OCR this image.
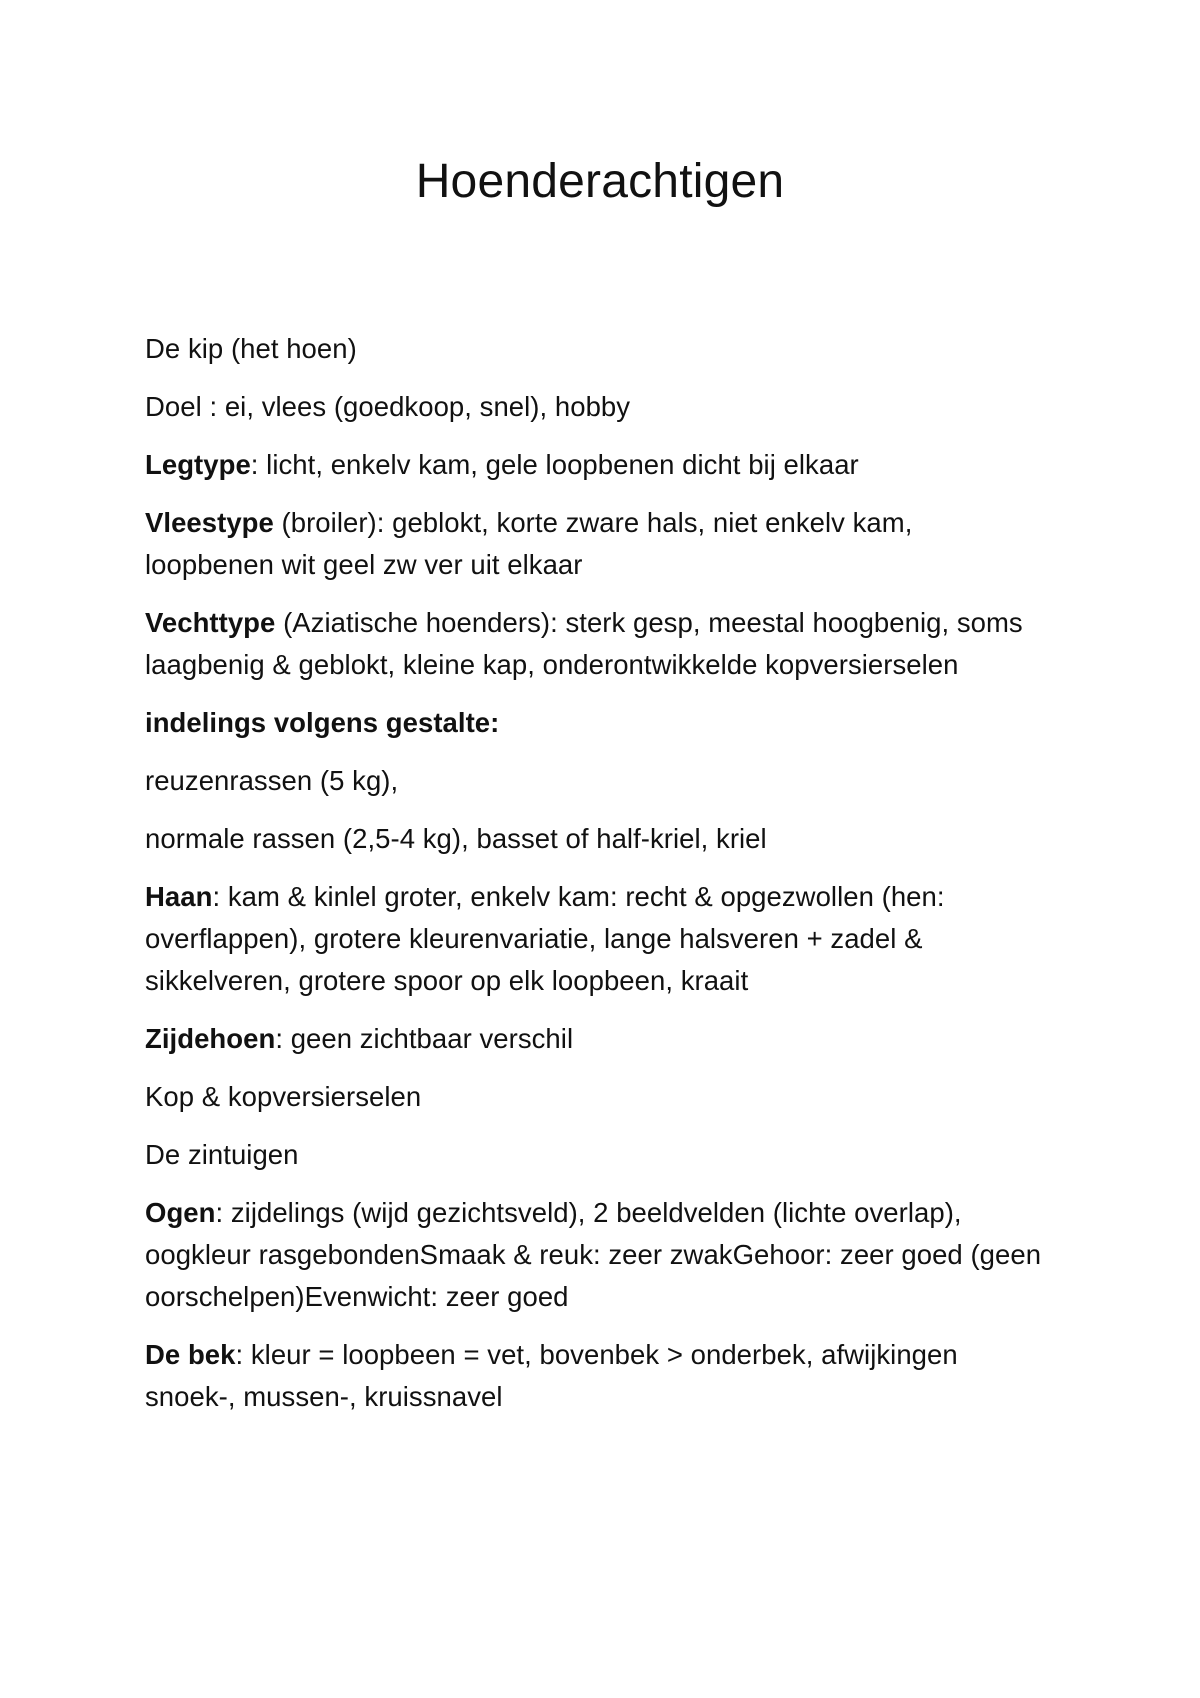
Hoenderachtigen

De kip (het hoen)

Doel : ei, vlees (goedkoop, snel), hobby

Legtype: licht, enkelv kam, gele loopbenen dicht bij elkaar

Vleestype (broiler): geblokt, korte zware hals, niet enkelv kam, loopbenen wit geel zw ver uit elkaar

Vechttype (Aziatische hoenders): sterk gesp, meestal hoogbenig, soms laagbenig & geblokt, kleine kap, onderontwikkelde kopversierselen

indelings volgens gestalte:

reuzenrassen (5 kg),

normale rassen (2,5-4 kg), basset of half-kriel, kriel

Haan: kam & kinlel groter, enkelv kam: recht & opgezwollen (hen: overflappen), grotere kleurenvariatie, lange halsveren + zadel & sikkelveren, grotere spoor op elk loopbeen, kraait

Zijdehoen: geen zichtbaar verschil

Kop & kopversierselen

De zintuigen

Ogen: zijdelings (wijd gezichtsveld), 2 beeldvelden (lichte overlap), oogkleur rasgebondenSmaak & reuk: zeer zwakGehoor: zeer goed (geen oorschelpen)Evenwicht: zeer goed

De bek: kleur = loopbeen = vet, bovenbek > onderbek, afwijkingen snoek-, mussen-, kruissnavel
